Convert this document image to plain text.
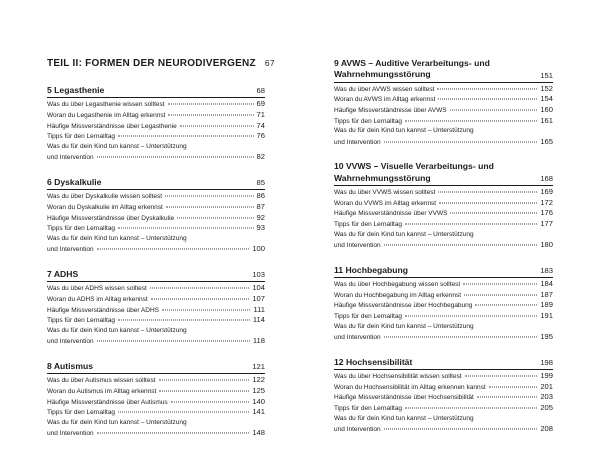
TEIL II: FORMEN DER NEURODIVERGENZ	67
5 Legasthenie	68
Was du über Legasthenie wissen solltest	69
Woran du Legasthenie im Alltag erkennst	71
Häufige Missverständnisse über Legasthenie	74
Tipps für den Lernalltag	76
Was du für dein Kind tun kannst – Unterstützung
und Intervention	82
6 Dyskalkulie	85
Was du über Dyskalkulie wissen solltest	86
Woran du Dyskalkulie im Alltag erkennst	87
Häufige Missverständnisse über Dyskalkulie	92
Tipps für den Lernalltag	93
Was du für dein Kind tun kannst – Unterstützung
und Intervention	100
7 ADHS	103
Was du über ADHS wissen solltest	104
Woran du ADHS im Alltag erkennst	107
Häufige Missverständnisse über ADHS	111
Tipps für den Lernalltag	114
Was du für dein Kind tun kannst – Unterstützung
und Intervention	118
8 Autismus	121
Was du über Autismus wissen solltest	122
Woran du Autismus im Alltag erkennst	125
Häufige Missverständnisse über Autismus	140
Tipps für den Lernalltag	141
Was du für dein Kind tun kannst – Unterstützung
und Intervention	148
9 AVWS – Auditive Verarbeitungs- und
Wahrnehmungsstörung	151
Was du über AVWS wissen solltest	152
Woran du AVWS im Alltag erkennst	154
Häufige Missverständnisse über AVWS	160
Tipps für den Lernalltag	161
Was du für dein Kind tun kannst – Unterstützung
und Intervention	165
10 VVWS – Visuelle Verarbeitungs- und
Wahrnehmungsstörung	168
Was du über VVWS wissen solltest	169
Woran du VVWS im Alltag erkennst	172
Häufige Missverständnisse über VVWS	176
Tipps für den Lernalltag	177
Was du für dein Kind tun kannst – Unterstützung
und Intervention	180
11 Hochbegabung	183
Was du über Hochbegabung wissen solltest	184
Woran du Hochbegabung im Alltag erkennst	187
Häufige Missverständnisse über Hochbegabung	189
Tipps für den Lernalltag	191
Was du für dein Kind tun kannst – Unterstützung
und Intervention	195
12 Hochsensibilität	198
Was du über Hochsensibilität wissen solltest	199
Woran du Hochsensibilität im Alltag erkennen kannst	201
Häufige Missverständnisse über Hochsensibilität	203
Tipps für den Lernalltag	205
Was du für dein Kind tun kannst – Unterstützung
und Intervention	208
